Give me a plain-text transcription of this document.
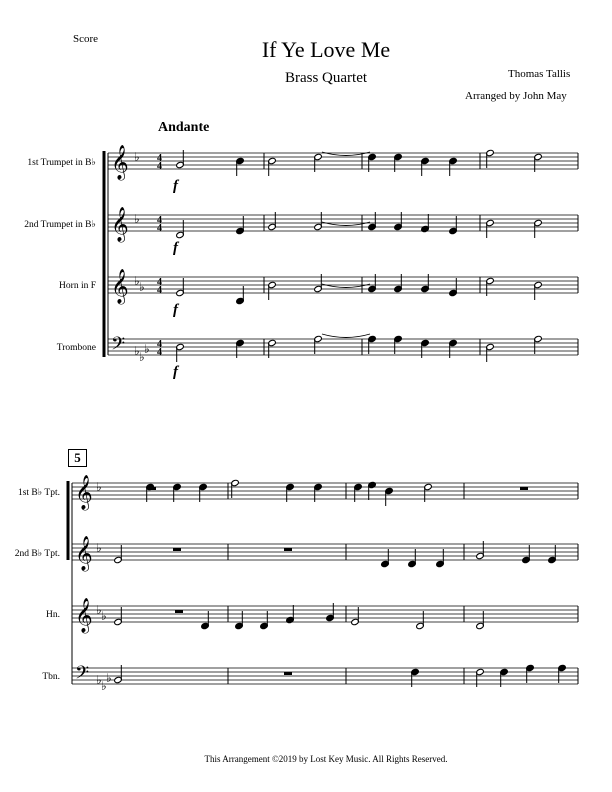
Score	If Ye Love Me
Brass Quartet	Thomas Tallis
Arranged by John May
Andante
5
This Arrangement ©2019 by Lost Key Music. All Rights Reserved.
1st Trumpet in B♭
2nd Trumpet in B♭
Horn in F
Trombone
1st B♭ Tpt.
2nd B♭ Tpt.
Hn.
Tbn.
𝄞 ♭ 4
4
f
𝄞 ♭ 4
4
f
𝄞 ♭ ♭ 4
4
f
𝄢 ♭ ♭
♭ 4
4
f
𝄞 ♭
𝄞 ♭
𝄞 ♭ ♭
𝄢 ♭ ♭
♭
